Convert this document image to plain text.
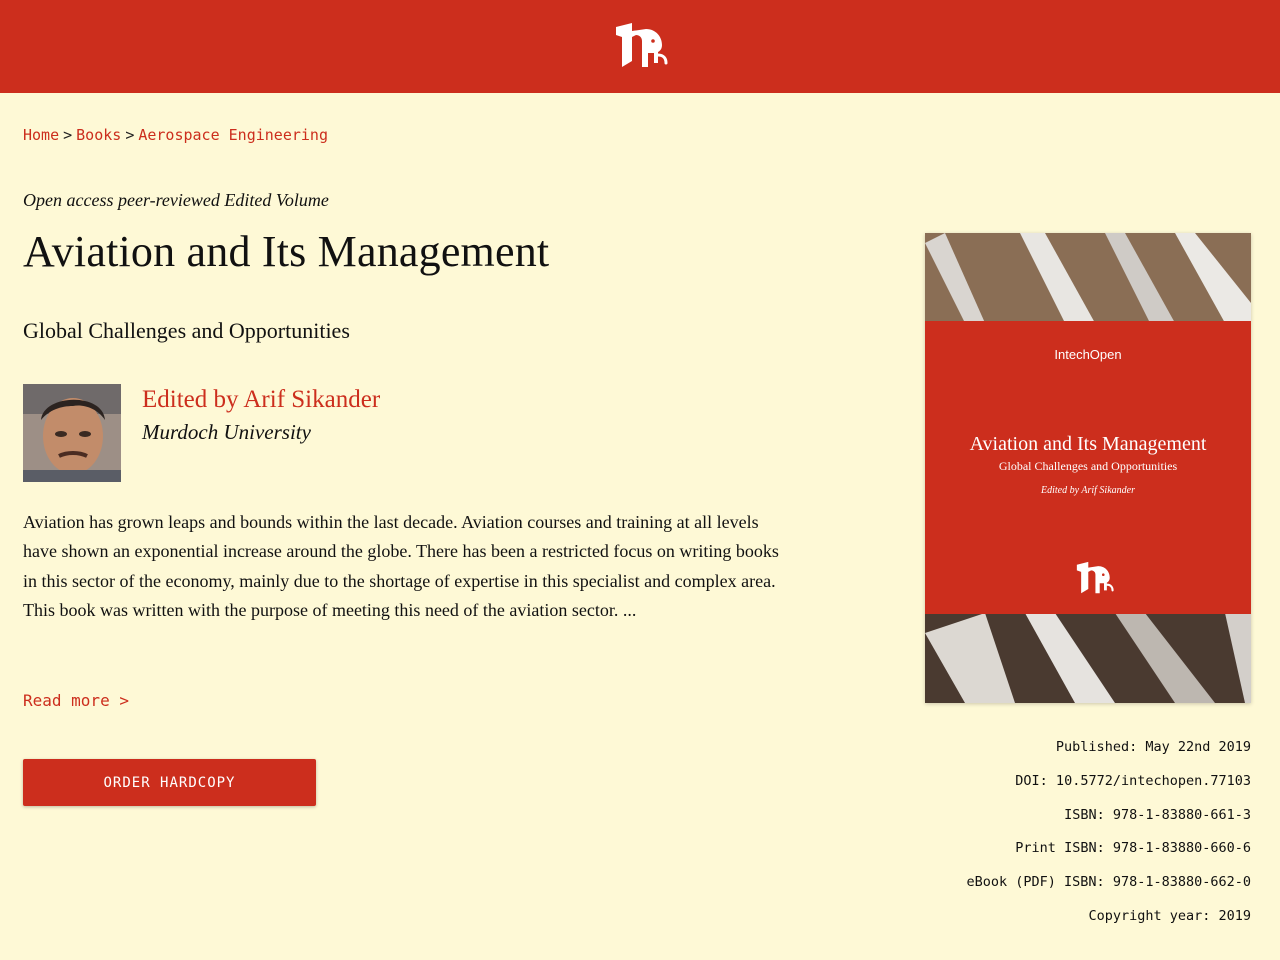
Home > Books > Aerospace Engineering
Open access peer-reviewed Edited Volume
Aviation and Its Management
Global Challenges and Opportunities
Edited by Arif Sikander
Murdoch University

Aviation has grown leaps and bounds within the last decade. Aviation courses and training at all levels have shown an exponential increase around the globe. There has been a restricted focus on writing books in this sector of the economy, mainly due to the shortage of expertise in this specialist and complex area. This book was written with the purpose of meeting this need of the aviation sector. ...

Read more >
ORDER HARDCOPY
IntechOpen
Aviation and Its Management
Global Challenges and Opportunities
Edited by Arif Sikander
Published: May 22nd 2019
DOI: 10.5772/intechopen.77103
ISBN: 978-1-83880-661-3
Print ISBN: 978-1-83880-660-6
eBook (PDF) ISBN: 978-1-83880-662-0
Copyright year: 2019
